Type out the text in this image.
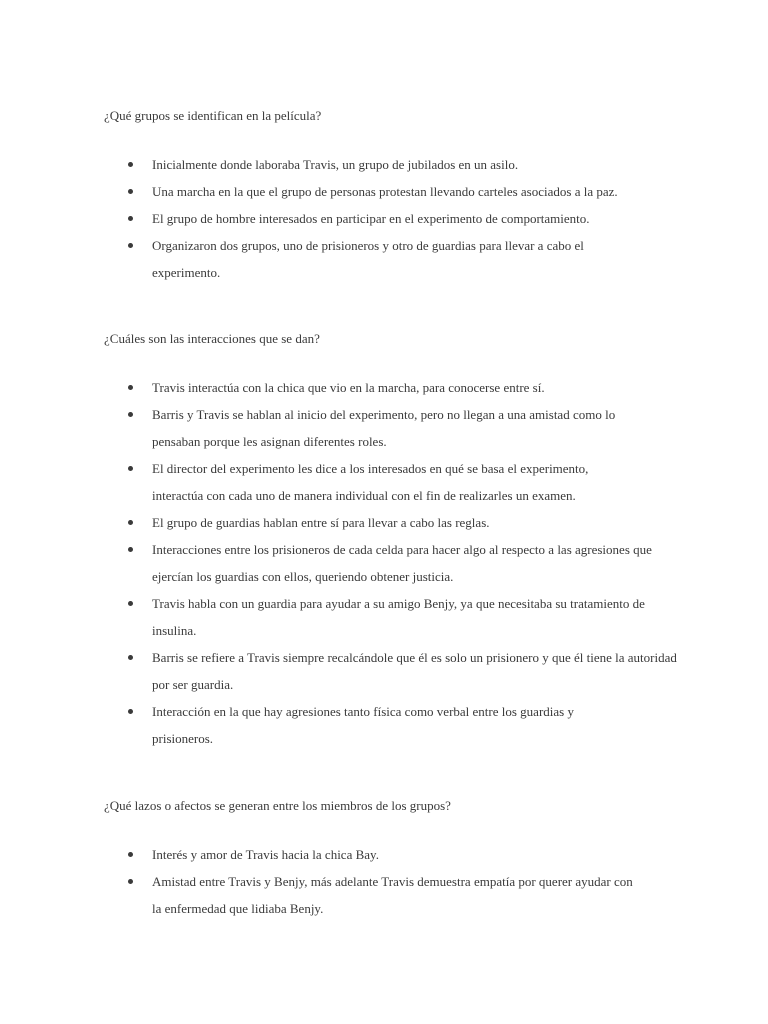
¿Qué grupos se identifican en la película?

Inicialmente donde laboraba Travis, un grupo de jubilados en un asilo.
Una marcha en la que el grupo de personas protestan llevando carteles asociados a la paz.
El grupo de hombre interesados en participar en el experimento de comportamiento.
Organizaron dos grupos, uno de prisioneros y otro de guardias para llevar a cabo el experimento.

¿Cuáles son las interacciones que se dan?

Travis interactúa con la chica que vio en la marcha, para conocerse entre sí.
Barris y Travis se hablan al inicio del experimento, pero no llegan a una amistad como lo pensaban porque les asignan diferentes roles.
El director del experimento les dice a los interesados en qué se basa el experimento, interactúa con cada uno de manera individual con el fin de realizarles un examen.
El grupo de guardias hablan entre sí para llevar a cabo las reglas.
Interacciones entre los prisioneros de cada celda para hacer algo al respecto a las agresiones que ejercían los guardias con ellos, queriendo obtener justicia.
Travis habla con un guardia para ayudar a su amigo Benjy, ya que necesitaba su tratamiento de insulina.
Barris se refiere a Travis siempre recalcándole que él es solo un prisionero y que él tiene la autoridad por ser guardia.
Interacción en la que hay agresiones tanto física como verbal entre los guardias y prisioneros.

¿Qué lazos o afectos se generan entre los miembros de los grupos?

Interés y amor de Travis hacia la chica Bay.
Amistad entre Travis y Benjy, más adelante Travis demuestra empatía por querer ayudar con la enfermedad que lidiaba Benjy.
